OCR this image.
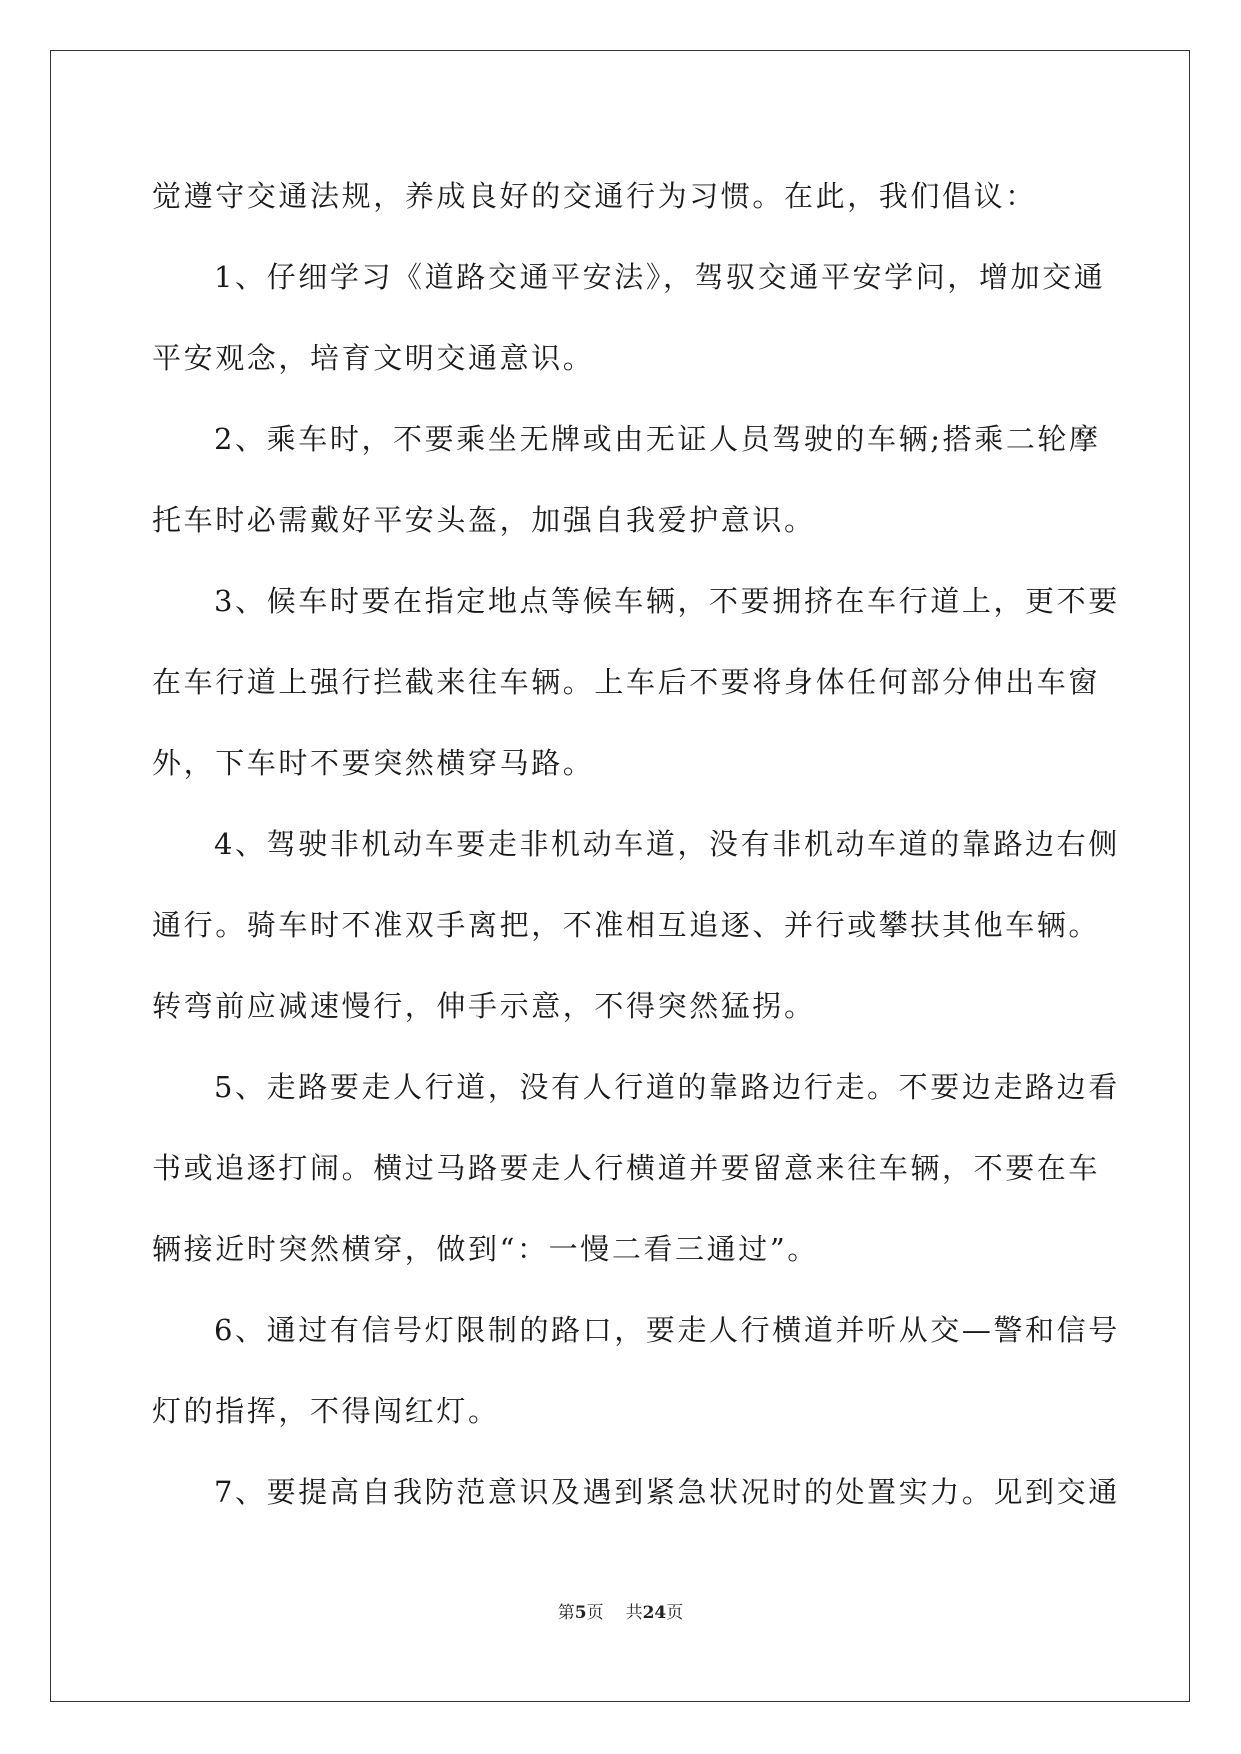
觉遵守交通法规，养成良好的交通行为习惯。在此，我们倡议：
1、仔细学习《道路交通平安法》，驾驭交通平安学问，增加交通
平安观念，培育文明交通意识。
2、乘车时，不要乘坐无牌或由无证人员驾驶的车辆;搭乘二轮摩
托车时必需戴好平安头盔，加强自我爱护意识。
3、候车时要在指定地点等候车辆，不要拥挤在车行道上，更不要
在车行道上强行拦截来往车辆。上车后不要将身体任何部分伸出车窗
外，下车时不要突然横穿马路。
4、驾驶非机动车要走非机动车道，没有非机动车道的靠路边右侧
通行。骑车时不准双手离把，不准相互追逐、并行或攀扶其他车辆。
转弯前应减速慢行，伸手示意，不得突然猛拐。
5、走路要走人行道，没有人行道的靠路边行走。不要边走路边看
书或追逐打闹。横过马路要走人行横道并要留意来往车辆，不要在车
辆接近时突然横穿，做到“：一慢二看三通过”。
6、通过有信号灯限制的路口，要走人行横道并听从交—警和信号
灯的指挥，不得闯红灯。
7、要提高自我防范意识及遇到紧急状况时的处置实力。见到交通
第5页 共24页
